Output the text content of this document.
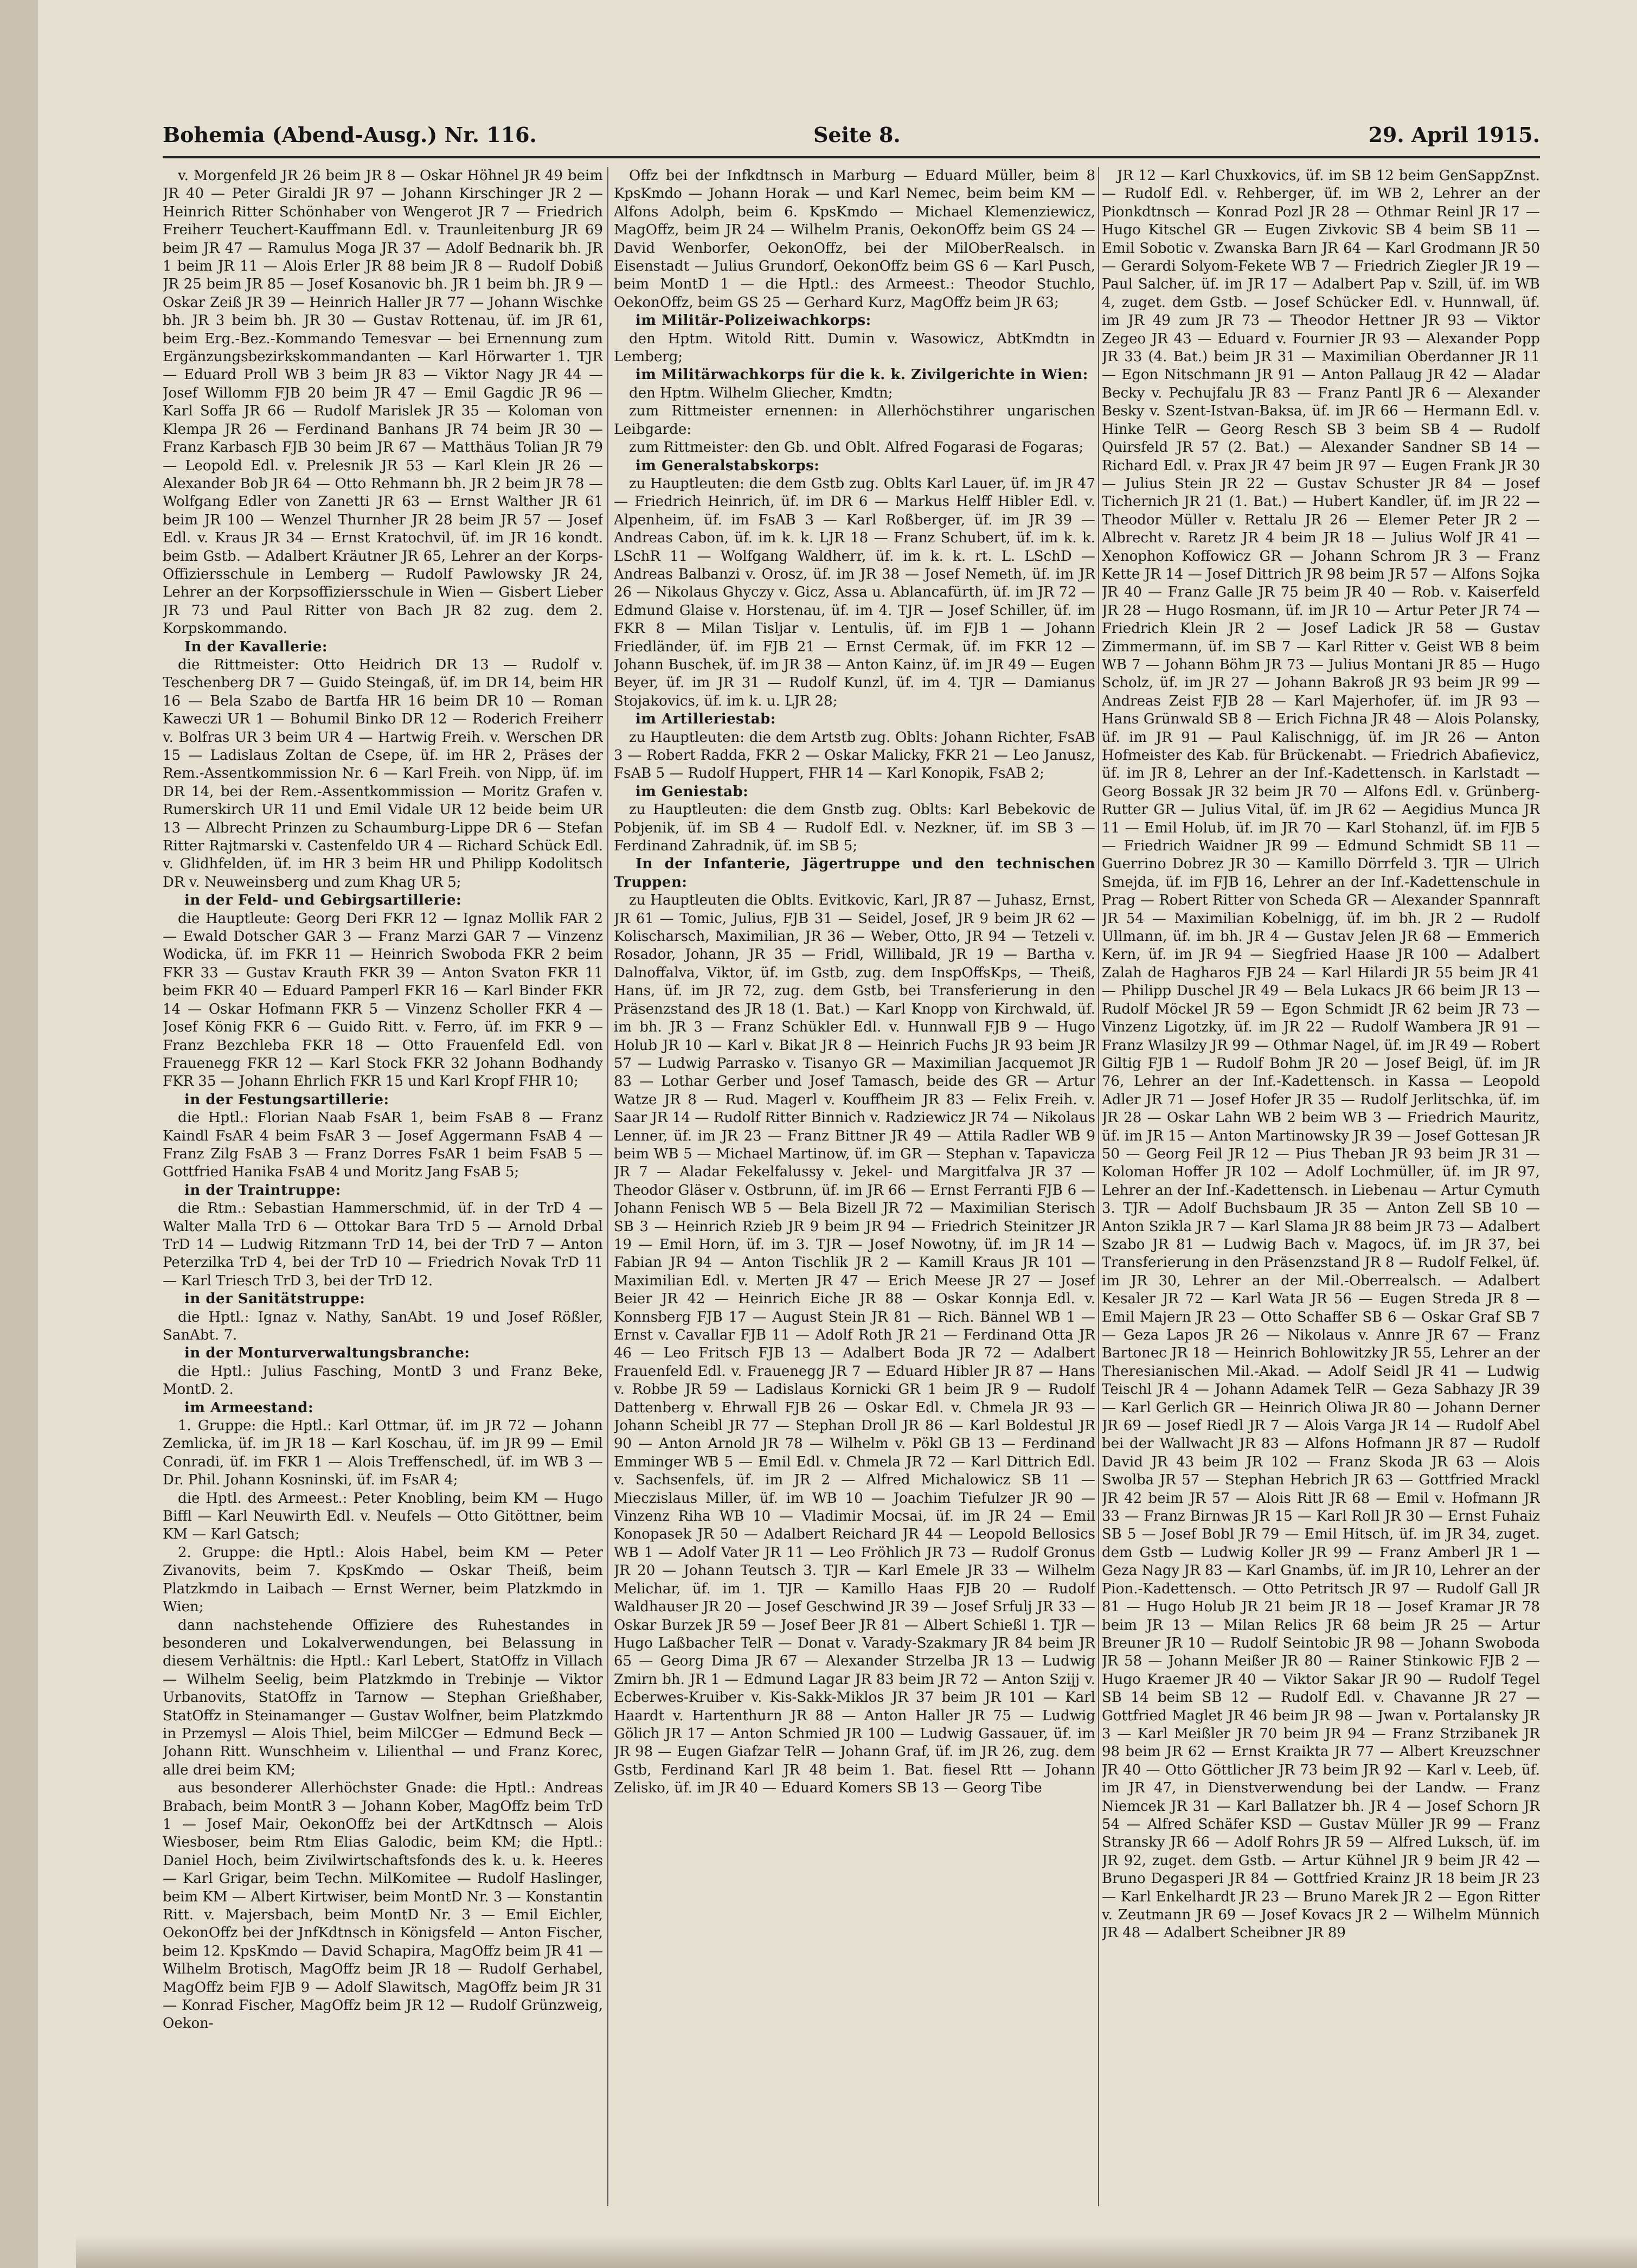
Bohemia (Abend-Ausg.) Nr. 116.	Seite 8.	29. April 1915.

v. Morgenfeld JR 26 beim JR 8 — Oskar Höhnel JR 49 beim JR 40 — Peter Giraldi JR 97 — Johann Kirschinger JR 2 — Heinrich Ritter Schönhaber von Wengerot JR 7 — Friedrich Freiherr Teuchert-Kauffmann Edl. v. Traunleitenburg JR 69 beim JR 47 — Ramulus Moga JR 37 — Adolf Bednarik bh. JR 1 beim JR 11 — Alois Erler JR 88 beim JR 8 — Rudolf Dobiß JR 25 beim JR 85 — Josef Kosanovic bh. JR 1 beim bh. JR 9 — Oskar Zeiß JR 39 — Heinrich Haller JR 77 — Johann Wischke bh. JR 3 beim bh. JR 30 — Gustav Rottenau, üf. im JR 61, beim Erg.-Bez.-Kommando Temesvar — bei Ernennung zum Ergänzungsbezirkskommandanten — Karl Hörwarter 1. TJR — Eduard Proll WB 3 beim JR 83 — Viktor Nagy JR 44 — Josef Willomm FJB 20 beim JR 47 — Emil Gagdic JR 96 — Karl Soffa JR 66 — Rudolf Marislek JR 35 — Koloman von Klempa JR 26 — Ferdinand Banhans JR 74 beim JR 30 — Franz Karbasch FJB 30 beim JR 67 — Matthäus Tolian JR 79 — Leopold Edl. v. Prelesnik JR 53 — Karl Klein JR 26 — Alexander Bob JR 64 — Otto Rehmann bh. JR 2 beim JR 78 — Wolfgang Edler von Zanetti JR 63 — Ernst Walther JR 61 beim JR 100 — Wenzel Thurnher JR 28 beim JR 57 — Josef Edl. v. Kraus JR 34 — Ernst Kratochvil, üf. im JR 16 kondt. beim Gstb. — Adalbert Kräutner JR 65, Lehrer an der Korps-Offiziersschule in Lemberg — Rudolf Pawlowsky JR 24, Lehrer an der Korpsoffiziersschule in Wien — Gisbert Lieber JR 73 und Paul Ritter von Bach JR 82 zug. dem 2. Korpskommando.

In der Kavallerie:

die Rittmeister: Otto Heidrich DR 13 — Rudolf v. Teschenberg DR 7 — Guido Steingaß, üf. im DR 14, beim HR 16 — Bela Szabo de Bartfa HR 16 beim DR 10 — Roman Kaweczi UR 1 — Bohumil Binko DR 12 — Roderich Freiherr v. Bolfras UR 3 beim UR 4 — Hartwig Freih. v. Werschen DR 15 — Ladislaus Zoltan de Csepe, üf. im HR 2, Präses der Rem.-Assentkommission Nr. 6 — Karl Freih. von Nipp, üf. im DR 14, bei der Rem.-Assentkommission — Moritz Grafen v. Rumerskirch UR 11 und Emil Vidale UR 12 beide beim UR 13 — Albrecht Prinzen zu Schaumburg-Lippe DR 6 — Stefan Ritter Rajtmarski v. Castenfeldo UR 4 — Richard Schück Edl. v. Glidhfelden, üf. im HR 3 beim HR und Philipp Kodolitsch DR v. Neuweinsberg und zum Khag UR 5;

in der Feld- und Gebirgsartillerie:

die Hauptleute: Georg Deri FKR 12 — Ignaz Mollik FAR 2 — Ewald Dotscher GAR 3 — Franz Marzi GAR 7 — Vinzenz Wodicka, üf. im FKR 11 — Heinrich Swoboda FKR 2 beim FKR 33 — Gustav Krauth FKR 39 — Anton Svaton FKR 11 beim FKR 40 — Eduard Pamperl FKR 16 — Karl Binder FKR 14 — Oskar Hofmann FKR 5 — Vinzenz Scholler FKR 4 — Josef König FKR 6 — Guido Ritt. v. Ferro, üf. im FKR 9 — Franz Bezchleba FKR 18 — Otto Frauenfeld Edl. von Frauenegg FKR 12 — Karl Stock FKR 32 Johann Bodhandy FKR 35 — Johann Ehrlich FKR 15 und Karl Kropf FHR 10;

in der Festungsartillerie:

die Hptl.: Florian Naab FsAR 1, beim FsAB 8 — Franz Kaindl FsAR 4 beim FsAR 3 — Josef Aggermann FsAB 4 — Franz Zilg FsAB 3 — Franz Dorres FsAR 1 beim FsAB 5 — Gottfried Hanika FsAB 4 und Moritz Jang FsAB 5;

in der Traintruppe:

die Rtm.: Sebastian Hammerschmid, üf. in der TrD 4 — Walter Malla TrD 6 — Ottokar Bara TrD 5 — Arnold Drbal TrD 14 — Ludwig Ritzmann TrD 14, bei der TrD 7 — Anton Peterzilka TrD 4, bei der TrD 10 — Friedrich Novak TrD 11 — Karl Triesch TrD 3, bei der TrD 12.

in der Sanitätstruppe:

die Hptl.: Ignaz v. Nathy, SanAbt. 19 und Josef Rößler, SanAbt. 7.

in der Monturverwaltungsbranche:

die Hptl.: Julius Fasching, MontD 3 und Franz Beke, MontD. 2.

im Armeestand:

1. Gruppe: die Hptl.: Karl Ottmar, üf. im JR 72 — Johann Zemlicka, üf. im JR 18 — Karl Koschau, üf. im JR 99 — Emil Conradi, üf. im FKR 1 — Alois Treffenschedl, üf. im WB 3 — Dr. Phil. Johann Kosninski, üf. im FsAR 4;

die Hptl. des Armeest.: Peter Knobling, beim KM — Hugo Biffl — Karl Neuwirth Edl. v. Neufels — Otto Gitöttner, beim KM — Karl Gatsch;

2. Gruppe: die Hptl.: Alois Habel, beim KM — Peter Zivanovits, beim 7. KpsKmdo — Oskar Theiß, beim Platzkmdo in Laibach — Ernst Werner, beim Platzkmdo in Wien;

dann nachstehende Offiziere des Ruhestandes in besonderen und Lokalverwendungen, bei Belassung in diesem Verhältnis: die Hptl.: Karl Lebert, StatOffz in Villach — Wilhelm Seelig, beim Platzkmdo in Trebinje — Viktor Urbanovits, StatOffz in Tarnow — Stephan Grießhaber, StatOffz in Steinamanger — Gustav Wolfner, beim Platzkmdo in Przemysl — Alois Thiel, beim MilCGer — Edmund Beck — Johann Ritt. Wunschheim v. Lilienthal — und Franz Korec, alle drei beim KM;

aus besonderer Allerhöchster Gnade: die Hptl.: Andreas Brabach, beim MontR 3 — Johann Kober, MagOffz beim TrD 1 — Josef Mair, OekonOffz bei der ArtKdtnsch — Alois Wiesboser, beim Rtm Elias Galodic, beim KM; die Hptl.: Daniel Hoch, beim Zivilwirtschaftsfonds des k. u. k. Heeres — Karl Grigar, beim Techn. MilKomitee — Rudolf Haslinger, beim KM — Albert Kirtwiser, beim MontD Nr. 3 — Konstantin Ritt. v. Majersbach, beim MontD Nr. 3 — Emil Eichler, OekonOffz bei der JnfKdtnsch in Königsfeld — Anton Fischer, beim 12. KpsKmdo — David Schapira, MagOffz beim JR 41 — Wilhelm Brotisch, MagOffz beim JR 18 — Rudolf Gerhabel, MagOffz beim FJB 9 — Adolf Slawitsch, MagOffz beim JR 31 — Konrad Fischer, MagOffz beim JR 12 — Rudolf Grünzweig, Oekon-

Offz bei der Infkdtnsch in Marburg — Eduard Müller, beim 8 KpsKmdo — Johann Horak — und Karl Nemec, beim beim KM — Alfons Adolph, beim 6. KpsKmdo — Michael Klemenziewicz, MagOffz, beim JR 24 — Wilhelm Pranis, OekonOffz beim GS 24 — David Wenborfer, OekonOffz, bei der MilOberRealsch. in Eisenstadt — Julius Grundorf, OekonOffz beim GS 6 — Karl Pusch, beim MontD 1 — die Hptl.: des Armeest.: Theodor Stuchlo, OekonOffz, beim GS 25 — Gerhard Kurz, MagOffz beim JR 63;

im Militär-Polizeiwachkorps:

den Hptm. Witold Ritt. Dumin v. Wasowicz, AbtKmdtn in Lemberg;

im Militärwachkorps für die k. k. Zivilgerichte in Wien:

den Hptm. Wilhelm Gliecher, Kmdtn;

zum Rittmeister ernennen: in Allerhöchstihrer ungarischen Leibgarde:

zum Rittmeister: den Gb. und Oblt. Alfred Fogarasi de Fogaras;

im Generalstabskorps:

zu Hauptleuten: die dem Gstb zug. Oblts Karl Lauer, üf. im JR 47 — Friedrich Heinrich, üf. im DR 6 — Markus Helff Hibler Edl. v. Alpenheim, üf. im FsAB 3 — Karl Roßberger, üf. im JR 39 — Andreas Cabon, üf. im k. k. LJR 18 — Franz Schubert, üf. im k. k. LSchR 11 — Wolfgang Waldherr, üf. im k. k. rt. L. LSchD — Andreas Balbanzi v. Orosz, üf. im JR 38 — Josef Nemeth, üf. im JR 26 — Nikolaus Ghyczy v. Gicz, Assa u. Ablancafürth, üf. im JR 72 — Edmund Glaise v. Horstenau, üf. im 4. TJR — Josef Schiller, üf. im FKR 8 — Milan Tisljar v. Lentulis, üf. im FJB 1 — Johann Friedländer, üf. im FJB 21 — Ernst Cermak, üf. im FKR 12 — Johann Buschek, üf. im JR 38 — Anton Kainz, üf. im JR 49 — Eugen Beyer, üf. im JR 31 — Rudolf Kunzl, üf. im 4. TJR — Damianus Stojakovics, üf. im k. u. LJR 28;

im Artilleriestab:

zu Hauptleuten: die dem Artstb zug. Oblts: Johann Richter, FsAB 3 — Robert Radda, FKR 2 — Oskar Malicky, FKR 21 — Leo Janusz, FsAB 5 — Rudolf Huppert, FHR 14 — Karl Konopik, FsAB 2;

im Geniestab:

zu Hauptleuten: die dem Gnstb zug. Oblts: Karl Bebekovic de Pobjenik, üf. im SB 4 — Rudolf Edl. v. Nezkner, üf. im SB 3 — Ferdinand Zahradnik, üf. im SB 5;

In der Infanterie, Jägertruppe und den technischen Truppen:

zu Hauptleuten die Oblts. Evitkovic, Karl, JR 87 — Juhasz, Ernst, JR 61 — Tomic, Julius, FJB 31 — Seidel, Josef, JR 9 beim JR 62 — Kolischarsch, Maximilian, JR 36 — Weber, Otto, JR 94 — Tetzeli v. Rosador, Johann, JR 35 — Fridl, Willibald, JR 19 — Bartha v. Dalnoffalva, Viktor, üf. im Gstb, zug. dem InspOffsKps, — Theiß, Hans, üf. im JR 72, zug. dem Gstb, bei Transferierung in den Präsenzstand des JR 18 (1. Bat.) — Karl Knopp von Kirchwald, üf. im bh. JR 3 — Franz Schükler Edl. v. Hunnwall FJB 9 — Hugo Holub JR 10 — Karl v. Bikat JR 8 — Heinrich Fuchs JR 93 beim JR 57 — Ludwig Parrasko v. Tisanyo GR — Maximilian Jacquemot JR 83 — Lothar Gerber und Josef Tamasch, beide des GR — Artur Watze JR 8 — Rud. Magerl v. Kouffheim JR 83 — Felix Freih. v. Saar JR 14 — Rudolf Ritter Binnich v. Radziewicz JR 74 — Nikolaus Lenner, üf. im JR 23 — Franz Bittner JR 49 — Attila Radler WB 9 beim WB 5 — Michael Martinow, üf. im GR — Stephan v. Tapavicza JR 7 — Aladar Fekelfalussy v. Jekel- und Margitfalva JR 37 — Theodor Gläser v. Ostbrunn, üf. im JR 66 — Ernst Ferranti FJB 6 — Johann Fenisch WB 5 — Bela Bizell JR 72 — Maximilian Sterisch SB 3 — Heinrich Rzieb JR 9 beim JR 94 — Friedrich Steinitzer JR 19 — Emil Horn, üf. im 3. TJR — Josef Nowotny, üf. im JR 14 — Fabian JR 94 — Anton Tischlik JR 2 — Kamill Kraus JR 101 — Maximilian Edl. v. Merten JR 47 — Erich Meese JR 27 — Josef Beier JR 42 — Heinrich Eiche JR 88 — Oskar Konnja Edl. v. Konnsberg FJB 17 — August Stein JR 81 — Rich. Bännel WB 1 — Ernst v. Cavallar FJB 11 — Adolf Roth JR 21 — Ferdinand Otta JR 46 — Leo Fritsch FJB 13 — Adalbert Boda JR 72 — Adalbert Frauenfeld Edl. v. Frauenegg JR 7 — Eduard Hibler JR 87 — Hans v. Robbe JR 59 — Ladislaus Kornicki GR 1 beim JR 9 — Rudolf Dattenberg v. Ehrwall FJB 26 — Oskar Edl. v. Chmela JR 93 — Johann Scheibl JR 77 — Stephan Droll JR 86 — Karl Boldestul JR 90 — Anton Arnold JR 78 — Wilhelm v. Pökl GB 13 — Ferdinand Emminger WB 5 — Emil Edl. v. Chmela JR 72 — Karl Dittrich Edl. v. Sachsenfels, üf. im JR 2 — Alfred Michalowicz SB 11 — Mieczislaus Miller, üf. im WB 10 — Joachim Tiefulzer JR 90 — Vinzenz Riha WB 10 — Vladimir Mocsai, üf. im JR 24 — Emil Konopasek JR 50 — Adalbert Reichard JR 44 — Leopold Bellosics WB 1 — Adolf Vater JR 11 — Leo Fröhlich JR 73 — Rudolf Gronus JR 20 — Johann Teutsch 3. TJR — Karl Emele JR 33 — Wilhelm Melichar, üf. im 1. TJR — Kamillo Haas FJB 20 — Rudolf Waldhauser JR 20 — Josef Geschwind JR 39 — Josef Srfulj JR 33 — Oskar Burzek JR 59 — Josef Beer JR 81 — Albert Schießl 1. TJR — Hugo Laßbacher TelR — Donat v. Varady-Szakmary JR 84 beim JR 65 — Georg Dima JR 67 — Alexander Strzelba JR 13 — Ludwig Zmirn bh. JR 1 — Edmund Lagar JR 83 beim JR 72 — Anton Szijj v. Ecberwes-Kruiber v. Kis-Sakk-Miklos JR 37 beim JR 101 — Karl Haardt v. Hartenthurn JR 88 — Anton Haller JR 75 — Ludwig Gölich JR 17 — Anton Schmied JR 100 — Ludwig Gassauer, üf. im JR 98 — Eugen Giafzar TelR — Johann Graf, üf. im JR 26, zug. dem Gstb, Ferdinand Karl JR 48 beim 1. Bat. fiesel Rtt — Johann Zelisko, üf. im JR 40 — Eduard Komers SB 13 — Georg Tibe

JR 12 — Karl Chuxkovics, üf. im SB 12 beim GenSappZnst. — Rudolf Edl. v. Rehberger, üf. im WB 2, Lehrer an der Pionkdtnsch — Konrad Pozl JR 28 — Othmar Reinl JR 17 — Hugo Kitschel GR — Eugen Zivkovic SB 4 beim SB 11 — Emil Sobotic v. Zwanska Barn JR 64 — Karl Grodmann JR 50 — Gerardi Solyom-Fekete WB 7 — Friedrich Ziegler JR 19 — Paul Salcher, üf. im JR 17 — Adalbert Pap v. Szill, üf. im WB 4, zuget. dem Gstb. — Josef Schücker Edl. v. Hunnwall, üf. im JR 49 zum JR 73 — Theodor Hettner JR 93 — Viktor Zegeo JR 43 — Eduard v. Fournier JR 93 — Alexander Popp JR 33 (4. Bat.) beim JR 31 — Maximilian Oberdanner JR 11 — Egon Nitschmann JR 91 — Anton Pallaug JR 42 — Aladar Becky v. Pechujfalu JR 83 — Franz Pantl JR 6 — Alexander Besky v. Szent-Istvan-Baksa, üf. im JR 66 — Hermann Edl. v. Hinke TelR — Georg Resch SB 3 beim SB 4 — Rudolf Quirsfeld JR 57 (2. Bat.) — Alexander Sandner SB 14 — Richard Edl. v. Prax JR 47 beim JR 97 — Eugen Frank JR 30 — Julius Stein JR 22 — Gustav Schuster JR 84 — Josef Tichernich JR 21 (1. Bat.) — Hubert Kandler, üf. im JR 22 — Theodor Müller v. Rettalu JR 26 — Elemer Peter JR 2 — Albrecht v. Raretz JR 4 beim JR 18 — Julius Wolf JR 41 — Xenophon Koffowicz GR — Johann Schrom JR 3 — Franz Kette JR 14 — Josef Dittrich JR 98 beim JR 57 — Alfons Sojka JR 40 — Franz Galle JR 75 beim JR 40 — Rob. v. Kaiserfeld JR 28 — Hugo Rosmann, üf. im JR 10 — Artur Peter JR 74 — Friedrich Klein JR 2 — Josef Ladick JR 58 — Gustav Zimmermann, üf. im SB 7 — Karl Ritter v. Geist WB 8 beim WB 7 — Johann Böhm JR 73 — Julius Montani JR 85 — Hugo Scholz, üf. im JR 27 — Johann Bakroß JR 93 beim JR 99 — Andreas Zeist FJB 28 — Karl Majerhofer, üf. im JR 93 — Hans Grünwald SB 8 — Erich Fichna JR 48 — Alois Polansky, üf. im JR 91 — Paul Kalischnigg, üf. im JR 26 — Anton Hofmeister des Kab. für Brückenabt. — Friedrich Abafievicz, üf. im JR 8, Lehrer an der Inf.-Kadettensch. in Karlstadt — Georg Bossak JR 32 beim JR 70 — Alfons Edl. v. Grünberg-Rutter GR — Julius Vital, üf. im JR 62 — Aegidius Munca JR 11 — Emil Holub, üf. im JR 70 — Karl Stohanzl, üf. im FJB 5 — Friedrich Waidner JR 99 — Edmund Schmidt SB 11 — Guerrino Dobrez JR 30 — Kamillo Dörrfeld 3. TJR — Ulrich Smejda, üf. im FJB 16, Lehrer an der Inf.-Kadettenschule in Prag — Robert Ritter von Scheda GR — Alexander Spannraft JR 54 — Maximilian Kobelnigg, üf. im bh. JR 2 — Rudolf Ullmann, üf. im bh. JR 4 — Gustav Jelen JR 68 — Emmerich Kern, üf. im JR 94 — Siegfried Haase JR 100 — Adalbert Zalah de Hagharos FJB 24 — Karl Hilardi JR 55 beim JR 41 — Philipp Duschel JR 49 — Bela Lukacs JR 66 beim JR 13 — Rudolf Möckel JR 59 — Egon Schmidt JR 62 beim JR 73 — Vinzenz Ligotzky, üf. im JR 22 — Rudolf Wambera JR 91 — Franz Wlasilzy JR 99 — Othmar Nagel, üf. im JR 49 — Robert Giltig FJB 1 — Rudolf Bohm JR 20 — Josef Beigl, üf. im JR 76, Lehrer an der Inf.-Kadettensch. in Kassa — Leopold Adler JR 71 — Josef Hofer JR 35 — Rudolf Jerlitschka, üf. im JR 28 — Oskar Lahn WB 2 beim WB 3 — Friedrich Mauritz, üf. im JR 15 — Anton Martinowsky JR 39 — Josef Gottesan JR 50 — Georg Feil JR 12 — Pius Theban JR 93 beim JR 31 — Koloman Hoffer JR 102 — Adolf Lochmüller, üf. im JR 97, Lehrer an der Inf.-Kadettensch. in Liebenau — Artur Cymuth 3. TJR — Adolf Buchsbaum JR 35 — Anton Zell SB 10 — Anton Szikla JR 7 — Karl Slama JR 88 beim JR 73 — Adalbert Szabo JR 81 — Ludwig Bach v. Magocs, üf. im JR 37, bei Transferierung in den Präsenzstand JR 8 — Rudolf Felkel, üf. im JR 30, Lehrer an der Mil.-Oberrealsch. — Adalbert Kesaler JR 72 — Karl Wata JR 56 — Eugen Streda JR 8 — Emil Majern JR 23 — Otto Schaffer SB 6 — Oskar Graf SB 7 — Geza Lapos JR 26 — Nikolaus v. Annre JR 67 — Franz Bartonec JR 18 — Heinrich Bohlowitzky JR 55, Lehrer an der Theresianischen Mil.-Akad. — Adolf Seidl JR 41 — Ludwig Teischl JR 4 — Johann Adamek TelR — Geza Sabhazy JR 39 — Karl Gerlich GR — Heinrich Oliwa JR 80 — Johann Derner JR 69 — Josef Riedl JR 7 — Alois Varga JR 14 — Rudolf Abel bei der Wallwacht JR 83 — Alfons Hofmann JR 87 — Rudolf David JR 43 beim JR 102 — Franz Skoda JR 63 — Alois Swolba JR 57 — Stephan Hebrich JR 63 — Gottfried Mrackl JR 42 beim JR 57 — Alois Ritt JR 68 — Emil v. Hofmann JR 33 — Franz Birnwas JR 15 — Karl Roll JR 30 — Ernst Fuhaiz SB 5 — Josef Bobl JR 79 — Emil Hitsch, üf. im JR 34, zuget. dem Gstb — Ludwig Koller JR 99 — Franz Amberl JR 1 — Geza Nagy JR 83 — Karl Gnambs, üf. im JR 10, Lehrer an der Pion.-Kadettensch. — Otto Petritsch JR 97 — Rudolf Gall JR 81 — Hugo Holub JR 21 beim JR 18 — Josef Kramar JR 78 beim JR 13 — Milan Relics JR 68 beim JR 25 — Artur Breuner JR 10 — Rudolf Seintobic JR 98 — Johann Swoboda JR 58 — Johann Meißer JR 80 — Rainer Stinkowic FJB 2 — Hugo Kraemer JR 40 — Viktor Sakar JR 90 — Rudolf Tegel SB 14 beim SB 12 — Rudolf Edl. v. Chavanne JR 27 — Gottfried Maglet JR 46 beim JR 98 — Jwan v. Portalansky JR 3 — Karl Meißler JR 70 beim JR 94 — Franz Strzibanek JR 98 beim JR 62 — Ernst Kraikta JR 77 — Albert Kreuzschner JR 40 — Otto Göttlicher JR 73 beim JR 92 — Karl v. Leeb, üf. im JR 47, in Dienstverwendung bei der Landw. — Franz Niemcek JR 31 — Karl Ballatzer bh. JR 4 — Josef Schorn JR 54 — Alfred Schäfer KSD — Gustav Müller JR 99 — Franz Stransky JR 66 — Adolf Rohrs JR 59 — Alfred Luksch, üf. im JR 92, zuget. dem Gstb. — Artur Kühnel JR 9 beim JR 42 — Bruno Degasperi JR 84 — Gottfried Krainz JR 18 beim JR 23 — Karl Enkelhardt JR 23 — Bruno Marek JR 2 — Egon Ritter v. Zeutmann JR 69 — Josef Kovacs JR 2 — Wilhelm Münnich JR 48 — Adalbert Scheibner JR 89
